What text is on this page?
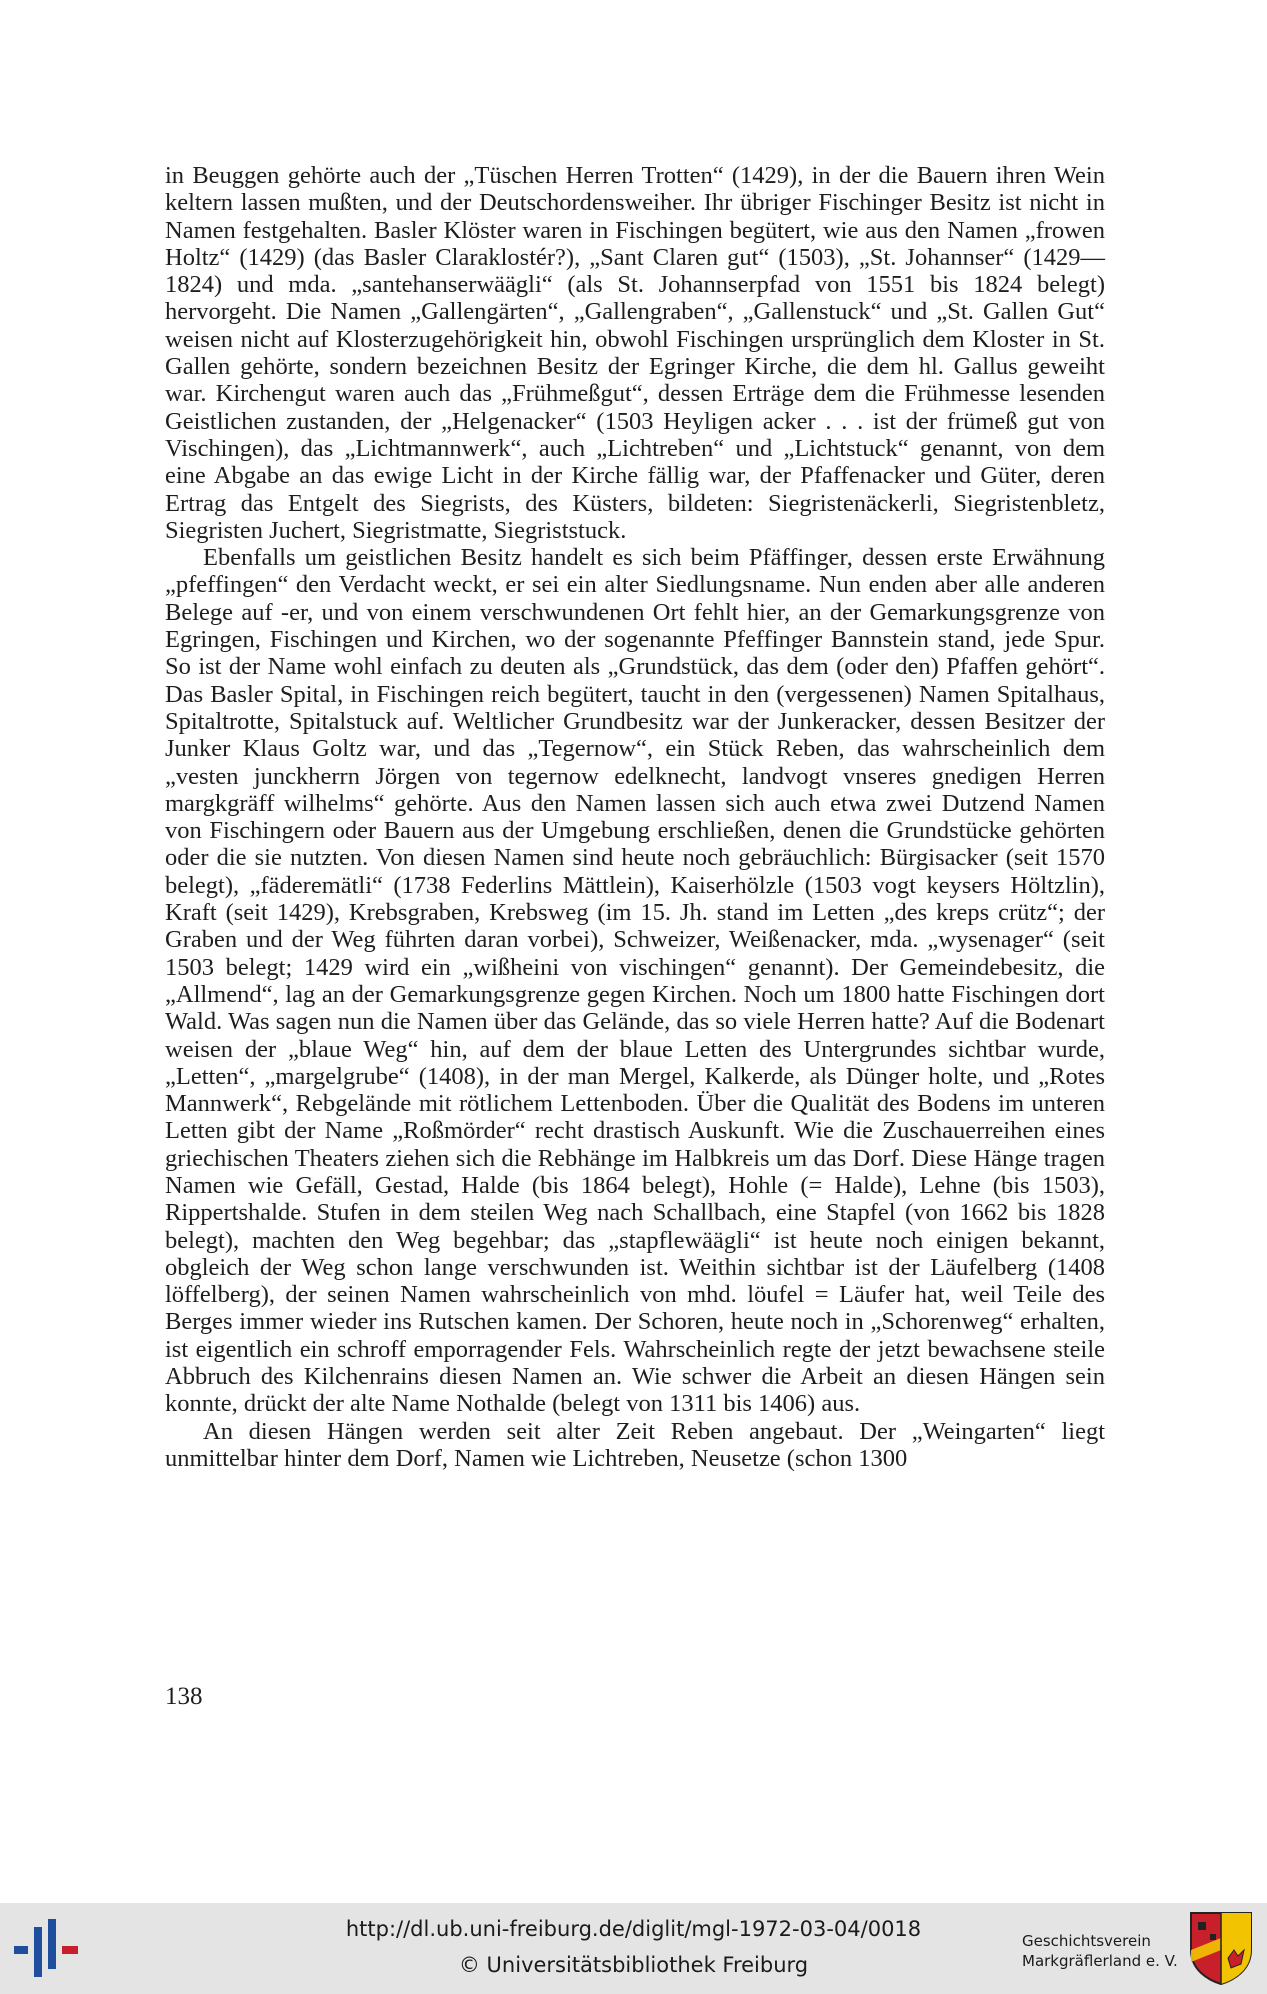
in Beuggen gehörte auch der „Tüschen Herren Trotten“ (1429), in der die Bauern ihren Wein keltern lassen mußten, und der Deutschordensweiher. Ihr übriger Fischinger Besitz ist nicht in Namen festgehalten. Basler Klöster waren in Fischingen begütert, wie aus den Namen „frowen Holtz“ (1429) (das Basler Claraklostér?), „Sant Claren gut“ (1503), „St. Johannser“ (1429—1824) und mda. „santehanserwäägli“ (als St. Johannserpfad von 1551 bis 1824 belegt) hervorgeht. Die Namen „Gallengärten“, „Gallengraben“, „Gallenstuck“ und „St. Gallen Gut“ weisen nicht auf Klosterzugehörigkeit hin, obwohl Fischingen ursprünglich dem Kloster in St. Gallen gehörte, sondern bezeichnen Besitz der Egringer Kirche, die dem hl. Gallus geweiht war. Kirchengut waren auch das „Frühmeßgut“, dessen Erträge dem die Frühmesse lesenden Geistlichen zustanden, der „Helgenacker“ (1503 Heyligen acker . . . ist der frümeß gut von Vischingen), das „Lichtmannwerk“, auch „Lichtreben“ und „Lichtstuck“ genannt, von dem eine Abgabe an das ewige Licht in der Kirche fällig war, der Pfaffenacker und Güter, deren Ertrag das Entgelt des Siegrists, des Küsters, bildeten: Siegristenäckerli, Siegristenbletz, Siegristen Juchert, Siegristmatte, Siegriststuck.

Ebenfalls um geistlichen Besitz handelt es sich beim Pfäffinger, dessen erste Erwähnung „pfeffingen“ den Verdacht weckt, er sei ein alter Siedlungsname. Nun enden aber alle anderen Belege auf -er, und von einem verschwundenen Ort fehlt hier, an der Gemarkungsgrenze von Egringen, Fischingen und Kirchen, wo der sogenannte Pfeffinger Bannstein stand, jede Spur. So ist der Name wohl einfach zu deuten als „Grundstück, das dem (oder den) Pfaffen gehört“. Das Basler Spital, in Fischingen reich begütert, taucht in den (vergessenen) Namen Spitalhaus, Spitaltrotte, Spitalstuck auf. Weltlicher Grundbesitz war der Junkeracker, dessen Besitzer der Junker Klaus Goltz war, und das „Tegernow“, ein Stück Reben, das wahrscheinlich dem „vesten junckherrn Jörgen von tegernow edelknecht, landvogt vnseres gnedigen Herren margkgräff wilhelms“ gehörte. Aus den Namen lassen sich auch etwa zwei Dutzend Namen von Fischingern oder Bauern aus der Umgebung erschließen, denen die Grundstücke gehörten oder die sie nutzten. Von diesen Namen sind heute noch gebräuchlich: Bürgisacker (seit 1570 belegt), „fäderemätli“ (1738 Federlins Mättlein), Kaiserhölzle (1503 vogt keysers Höltzlin), Kraft (seit 1429), Krebsgraben, Krebsweg (im 15. Jh. stand im Letten „des kreps crütz“; der Graben und der Weg führten daran vorbei), Schweizer, Weißenacker, mda. „wysenager“ (seit 1503 belegt; 1429 wird ein „wißheini von vischingen“ genannt). Der Gemeindebesitz, die „Allmend“, lag an der Gemarkungsgrenze gegen Kirchen. Noch um 1800 hatte Fischingen dort Wald. Was sagen nun die Namen über das Gelände, das so viele Herren hatte? Auf die Bodenart weisen der „blaue Weg“ hin, auf dem der blaue Letten des Untergrundes sichtbar wurde, „Letten“, „margelgrube“ (1408), in der man Mergel, Kalkerde, als Dünger holte, und „Rotes Mannwerk“, Rebgelände mit rötlichem Lettenboden. Über die Qualität des Bodens im unteren Letten gibt der Name „Roßmörder“ recht drastisch Auskunft. Wie die Zuschauerreihen eines griechischen Theaters ziehen sich die Rebhänge im Halbkreis um das Dorf. Diese Hänge tragen Namen wie Gefäll, Gestad, Halde (bis 1864 belegt), Hohle (= Halde), Lehne (bis 1503), Rippertshalde. Stufen in dem steilen Weg nach Schallbach, eine Stapfel (von 1662 bis 1828 belegt), machten den Weg begehbar; das „stapflewäägli“ ist heute noch einigen bekannt, obgleich der Weg schon lange verschwunden ist. Weithin sichtbar ist der Läufelberg (1408 löffelberg), der seinen Namen wahrscheinlich von mhd. löufel = Läufer hat, weil Teile des Berges immer wieder ins Rutschen kamen. Der Schoren, heute noch in „Schorenweg“ erhalten, ist eigentlich ein schroff emporragender Fels. Wahrscheinlich regte der jetzt bewachsene steile Abbruch des Kilchenrains diesen Namen an. Wie schwer die Arbeit an diesen Hängen sein konnte, drückt der alte Name Nothalde (belegt von 1311 bis 1406) aus.

An diesen Hängen werden seit alter Zeit Reben angebaut. Der „Weingarten“ liegt unmittelbar hinter dem Dorf, Namen wie Lichtreben, Neusetze (schon 1300

138
http://dl.ub.uni-freiburg.de/diglit/mgl-1972-03-04/0018
© Universitätsbibliothek Freiburg
Geschichtsverein
Markgräflerland e. V.
